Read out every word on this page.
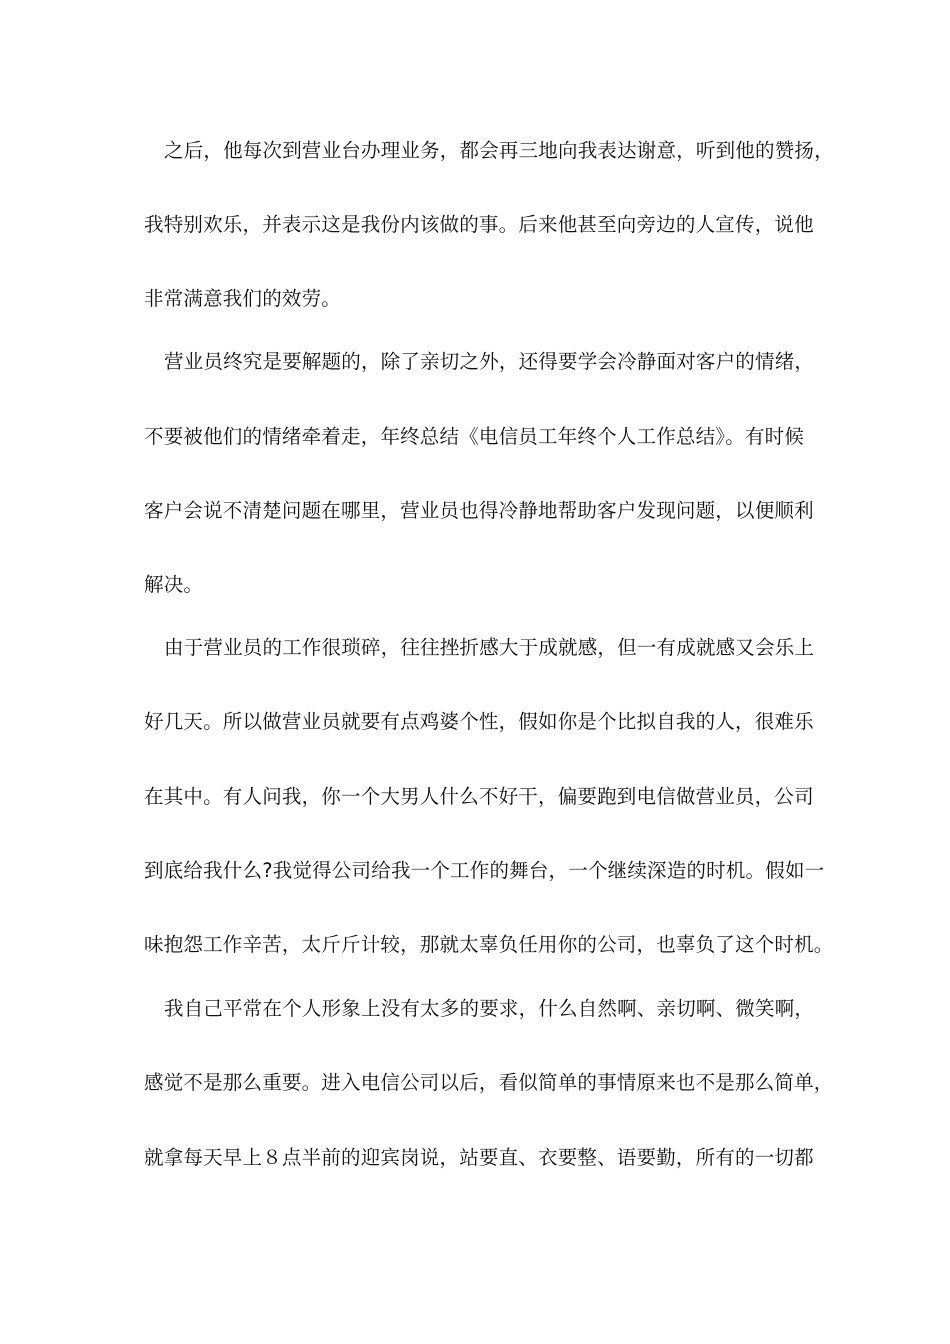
之后，他每次到营业台办理业务，都会再三地向我表达谢意，听到他的赞扬，
我特别欢乐，并表示这是我份内该做的事。后来他甚至向旁边的人宣传，说他
非常满意我们的效劳。
营业员终究是要解题的，除了亲切之外，还得要学会冷静面对客户的情绪，
不要被他们的情绪牵着走，年终总结《电信员工年终个人工作总结》。有时候
客户会说不清楚问题在哪里，营业员也得冷静地帮助客户发现问题，以便顺利
解决。
由于营业员的工作很琐碎，往往挫折感大于成就感，但一有成就感又会乐上
好几天。所以做营业员就要有点鸡婆个性，假如你是个比拟自我的人，很难乐
在其中。有人问我，你一个大男人什么不好干，偏要跑到电信做营业员，公司
到底给我什么?我觉得公司给我一个工作的舞台，一个继续深造的时机。假如一
味抱怨工作辛苦，太斤斤计较，那就太辜负任用你的公司，也辜负了这个时机。
我自己平常在个人形象上没有太多的要求，什么自然啊、亲切啊、微笑啊，
感觉不是那么重要。进入电信公司以后，看似简单的事情原来也不是那么简单，
就拿每天早上８点半前的迎宾岗说，站要直、衣要整、语要勤，所有的一切都
